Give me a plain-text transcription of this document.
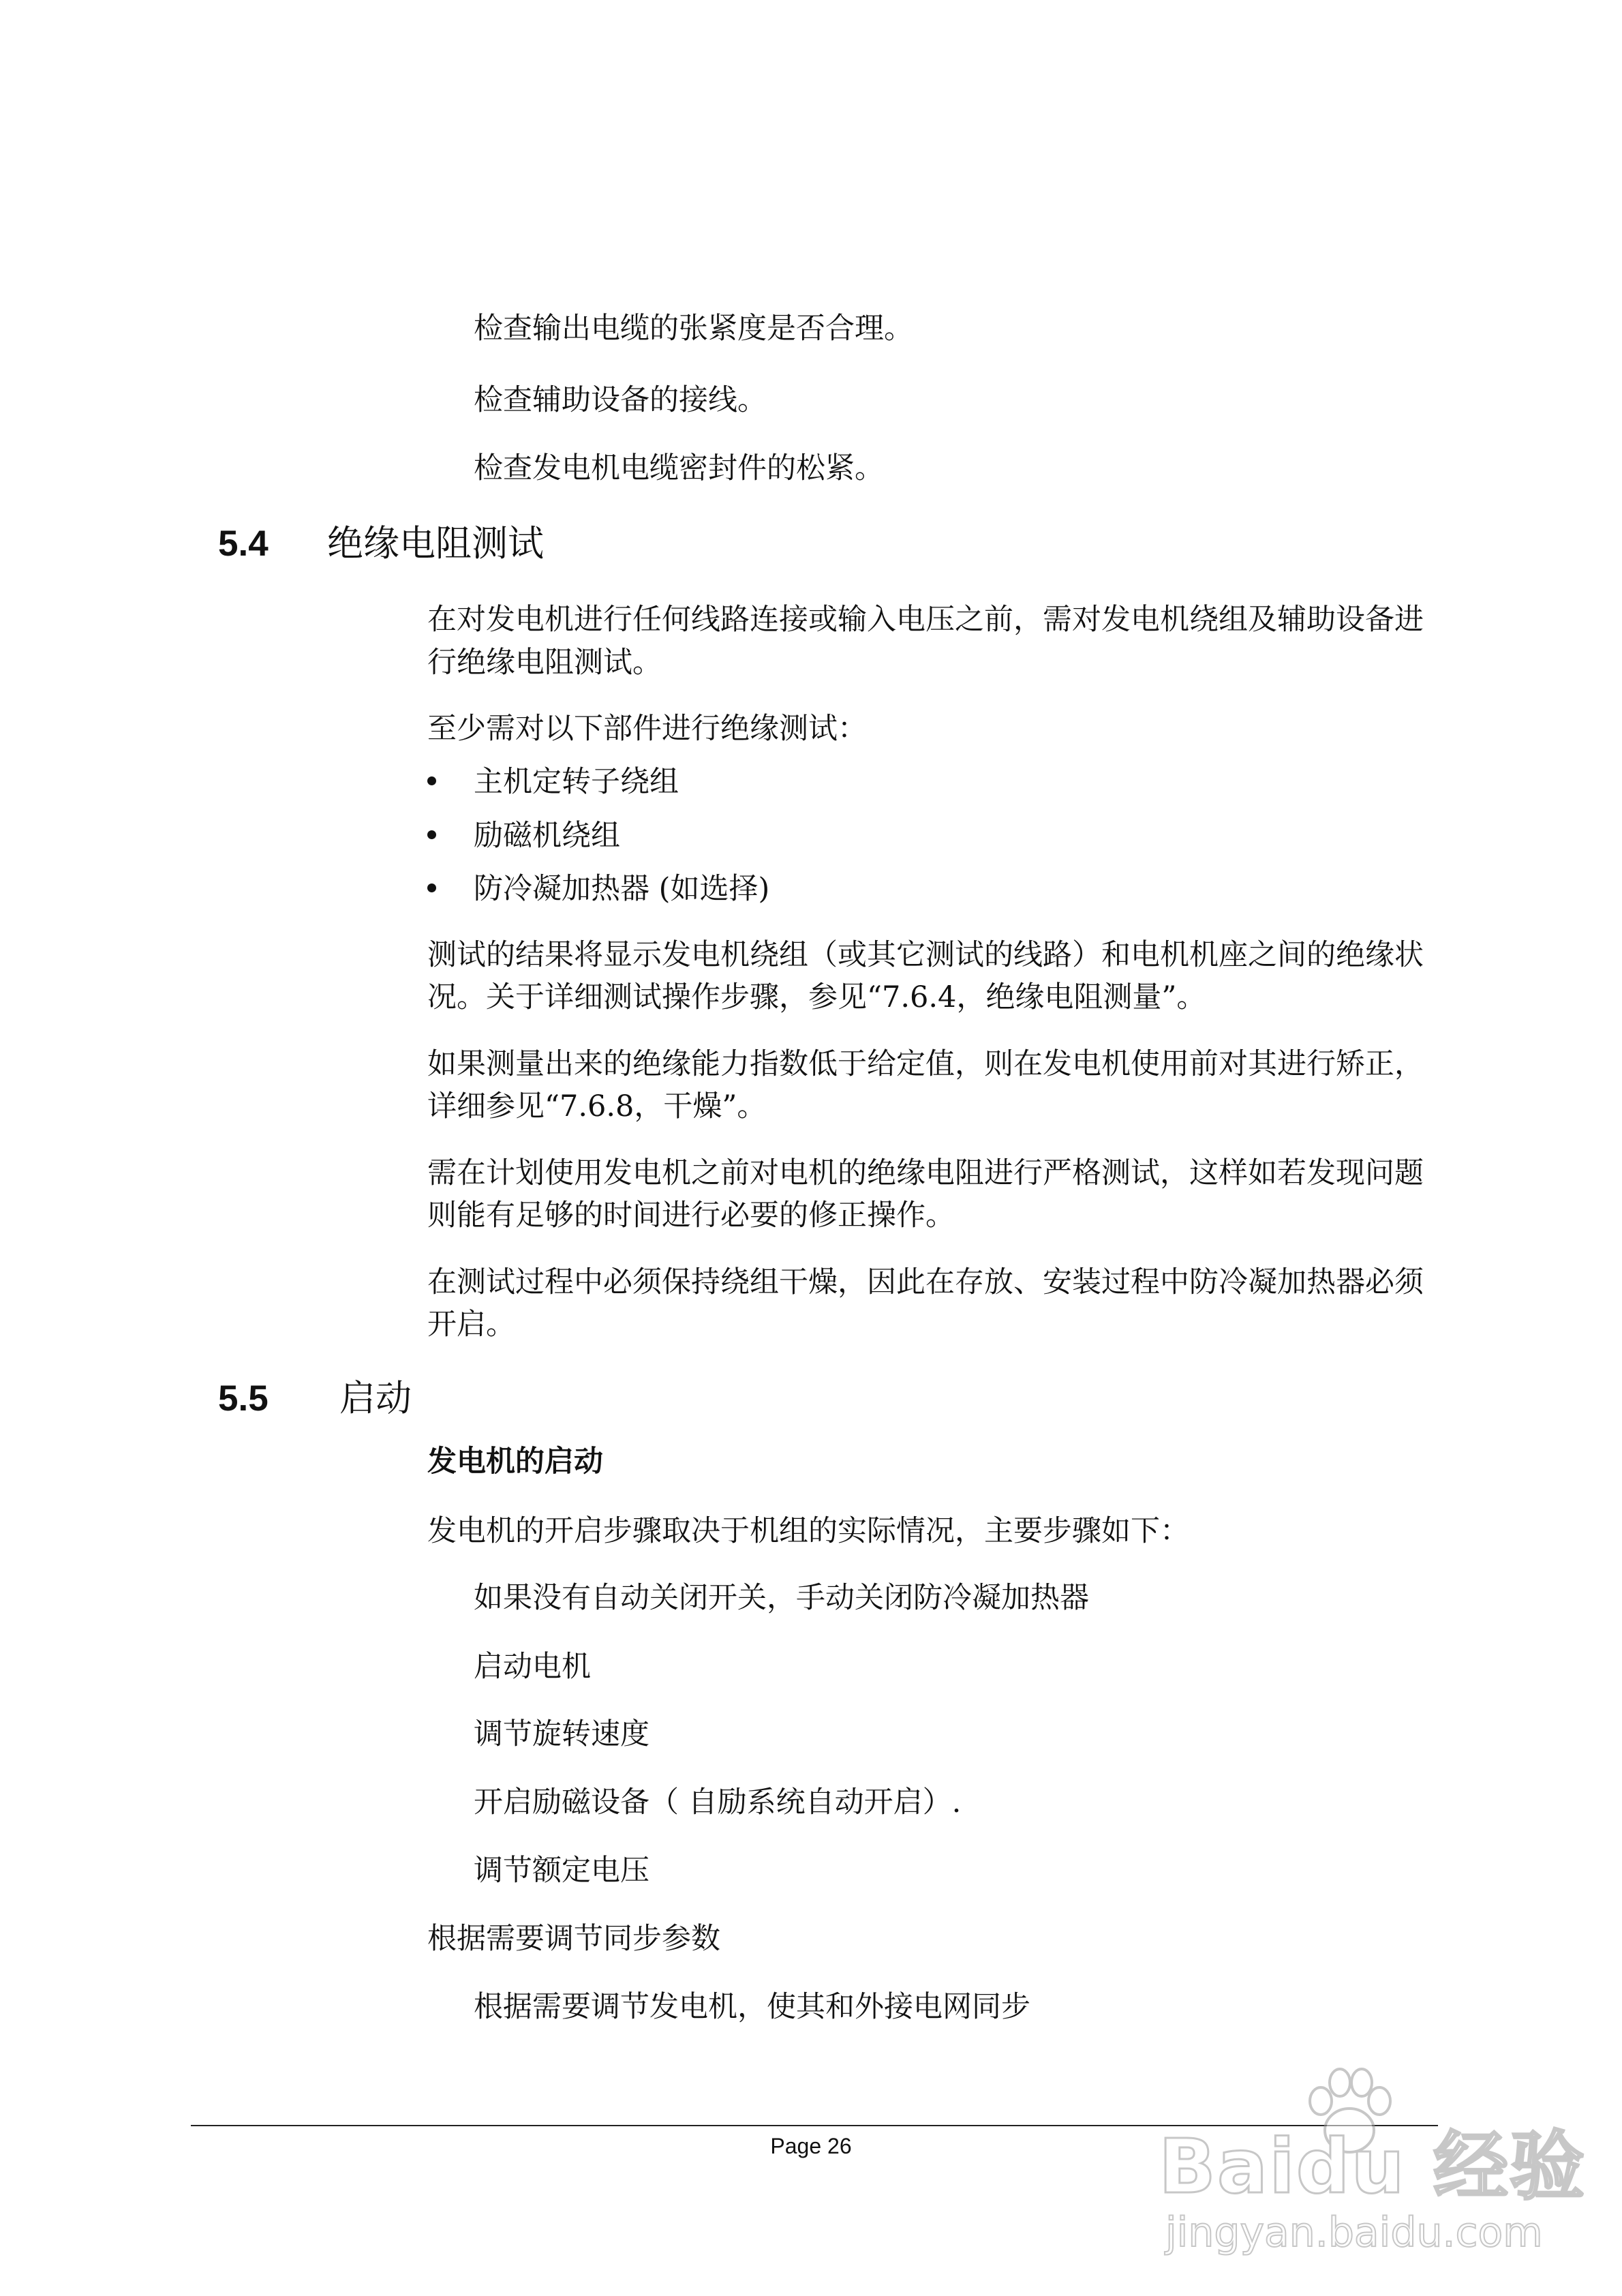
检查输出电缆的张紧度是否合理。

检查辅助设备的接线。

检查发电机电缆密封件的松紧。

5.4 绝缘电阻测试

在对发电机进行任何线路连接或输入电压之前，需对发电机绕组及辅助设备进行绝缘电阻测试。

至少需对以下部件进行绝缘测试：

主机定转子绕组
励磁机绕组
防冷凝加热器 (如选择)

测试的结果将显示发电机绕组（或其它测试的线路）和电机机座之间的绝缘状况。关于详细测试操作步骤，参见“7.6.4，绝缘电阻测量”。

如果测量出来的绝缘能力指数低于给定值，则在发电机使用前对其进行矫正，详细参见“7.6.8，干燥”。

需在计划使用发电机之前对电机的绝缘电阻进行严格测试，这样如若发现问题则能有足够的时间进行必要的修正操作。

在测试过程中必须保持绕组干燥，因此在存放、安装过程中防冷凝加热器必须开启。

5.5 启动
发电机的启动

发电机的开启步骤取决于机组的实际情况，主要步骤如下：

如果没有自动关闭开关，手动关闭防冷凝加热器

启动电机

调节旋转速度

开启励磁设备（ 自励系统自动开启）.

调节额定电压

根据需要调节同步参数

根据需要调节发电机，使其和外接电网同步

Page 26	Baidu 经验
jingyan.baidu.com
